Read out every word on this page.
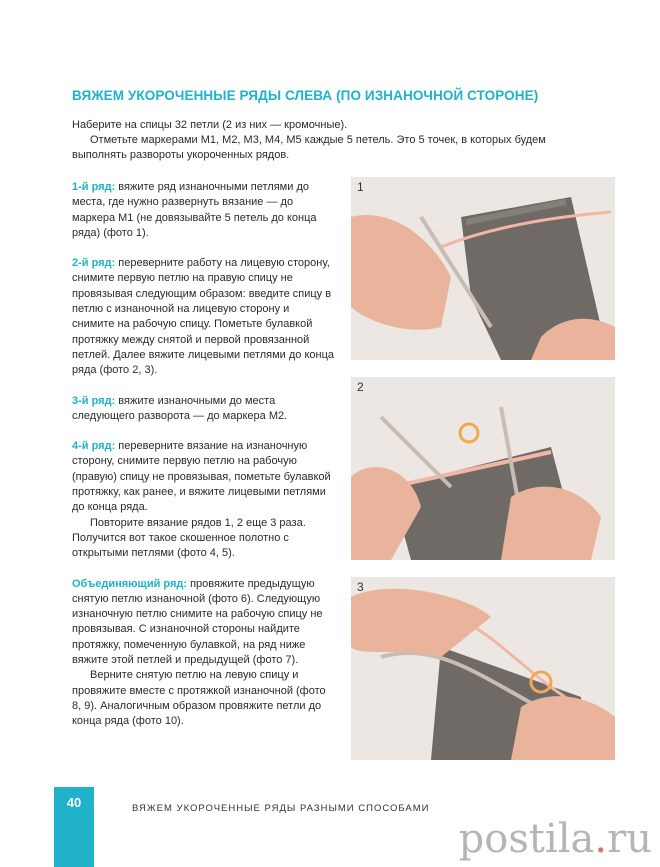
ВЯЖЕМ УКОРОЧЕННЫЕ РЯДЫ СЛЕВА (ПО ИЗНАНОЧНОЙ СТОРОНЕ)

Наберите на спицы 32 петли (2 из них — кромочные).

Отметьте маркерами М1, М2, М3, М4, М5 каждые 5 петель. Это 5 точек, в которых будем выполнять развороты укороченных рядов.

1-й ряд: вяжите ряд изнаночными петлями до места, где нужно развернуть вязание — до маркера М1 (не довязывайте 5 петель до конца ряда) (фото 1).

2-й ряд: переверните работу на лицевую сторону, снимите первую петлю на правую спицу не провязывая следующим образом: введите спицу в петлю с изнаночной на лицевую сторону и снимите на рабочую спицу. Пометьте булавкой протяжку между снятой и первой провязанной петлей. Далее вяжите лицевыми петлями до конца ряда (фото 2, 3).

3-й ряд: вяжите изнаночными до места следующего разворота — до маркера М2.

4-й ряд: переверните вязание на изнаночную сторону, снимите первую петлю на рабочую (правую) спицу не провязывая, пометьте булавкой протяжку, как ранее, и вяжите лицевыми петлями до конца ряда.

Повторите вязание рядов 1, 2 еще 3 раза. Получится вот такое скошенное полотно с открытыми петлями (фото 4, 5).

Объединяющий ряд: провяжите предыдущую снятую петлю изнаночной (фото 6). Следующую изнаночную петлю снимите на рабочую спицу не провязывая. С изнаночной стороны найдите протяжку, помеченную булавкой, на ряд ниже вяжите этой петлей и предыдущей (фото 7).

Верните снятую петлю на левую спицу и провяжите вместе с протяжкой изнаночной (фото 8, 9). Аналогичным образом провяжите петли до конца ряда (фото 10).

1
2
3
40	ВЯЖЕМ УКОРОЧЕННЫЕ РЯДЫ РАЗНЫМИ СПОСОБАМИ
postila.ru
